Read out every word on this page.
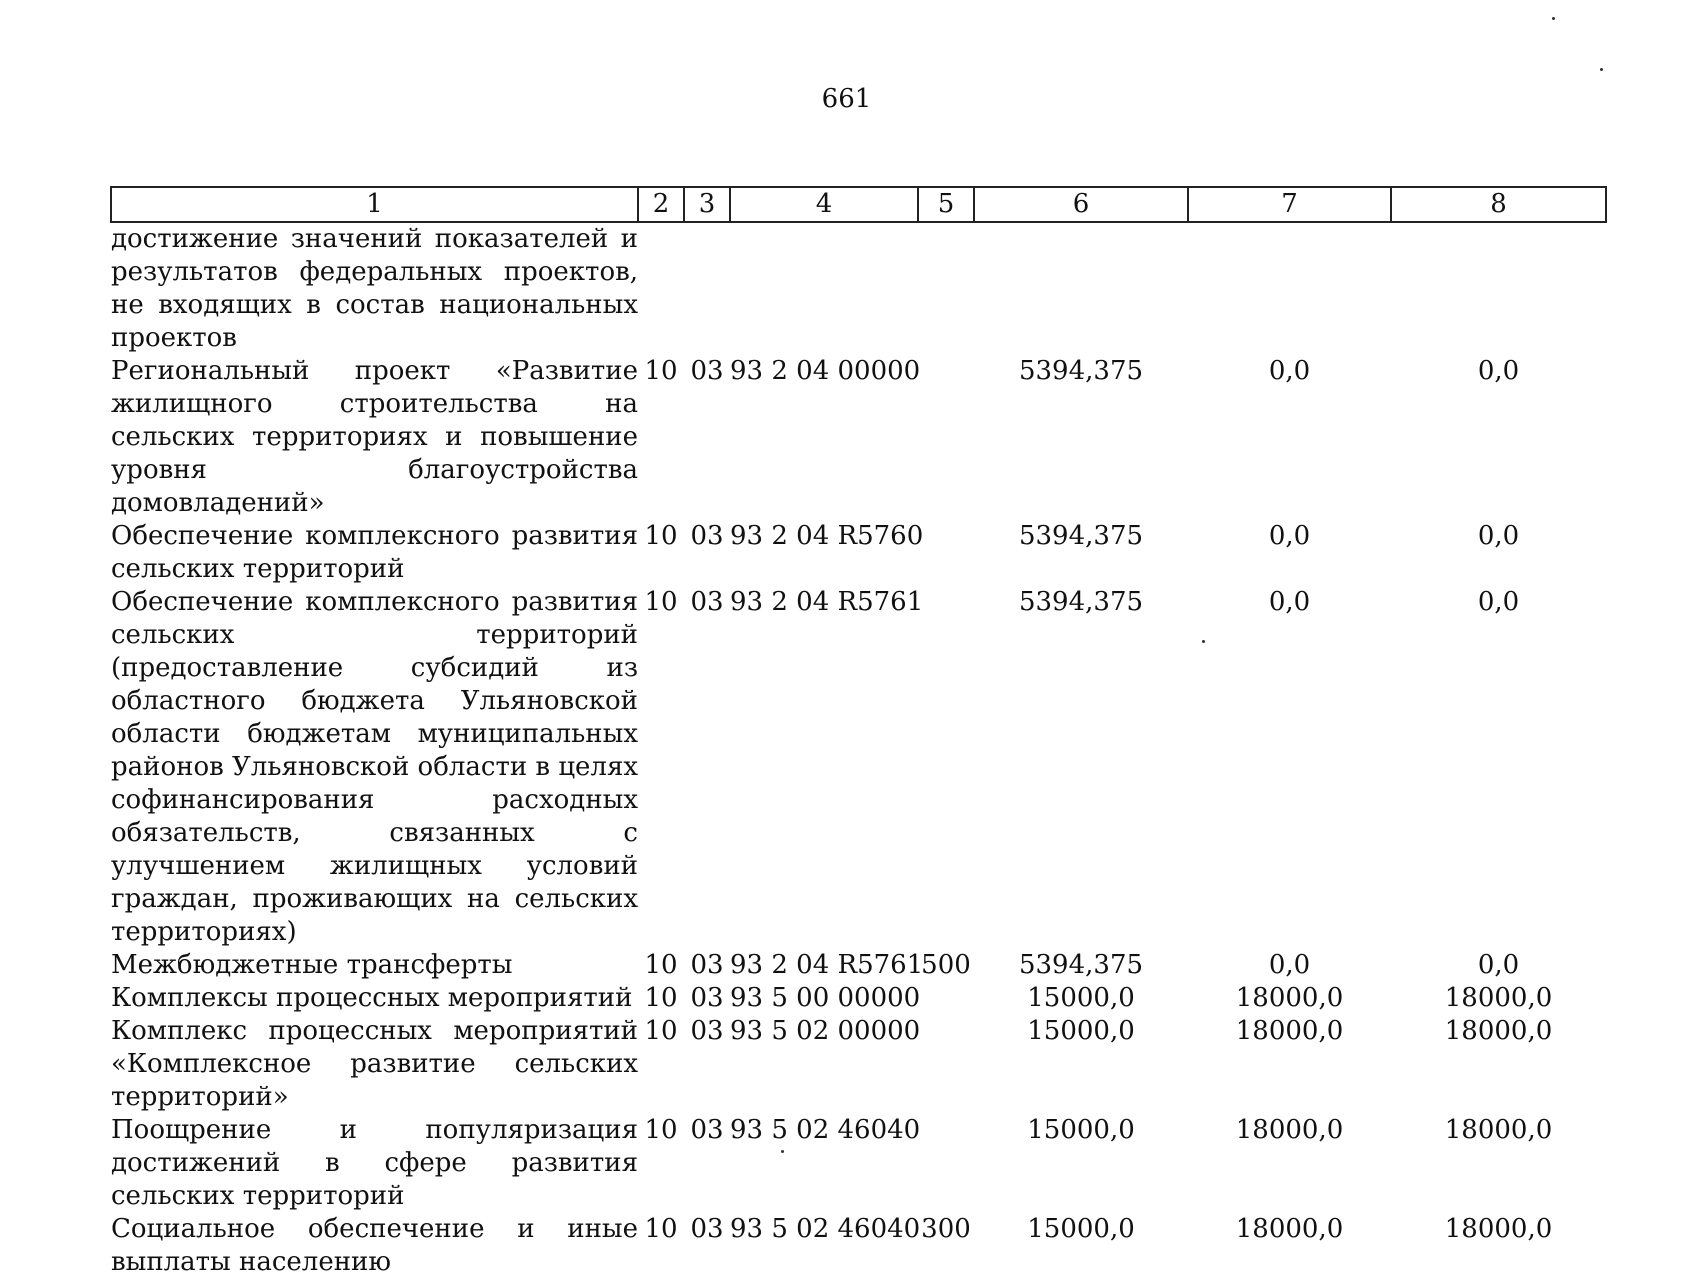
661
1	2	3	4	5	6	7	8
достижение значений показателей и результатов федеральных проектов, не входящих в состав национальных проектов							
Региональный проект «Развитие жилищного строительства на сельских территориях и повышение уровня благоустройства домовладений»	10	03	93 2 04 00000		5394,375	0,0	0,0
Обеспечение комплексного развития сельских территорий	10	03	93 2 04 R5760		5394,375	0,0	0,0
Обеспечение комплексного развития сельских территорий (предоставление субсидий из областного бюджета Ульяновской области бюджетам муниципальных районов Ульяновской области в целях софинансирования расходных обязательств, связанных с улучшением жилищных условий граждан, проживающих на сельских территориях)	10	03	93 2 04 R5761		5394,375	0,0	0,0
Межбюджетные трансферты	10	03	93 2 04 R5761	500	5394,375	0,0	0,0
Комплексы процессных мероприятий	10	03	93 5 00 00000		15000,0	18000,0	18000,0
Комплекс процессных мероприятий «Комплексное развитие сельских территорий»	10	03	93 5 02 00000		15000,0	18000,0	18000,0
Поощрение и популяризация достижений в сфере развития сельских территорий	10	03	93 5 02 46040		15000,0	18000,0	18000,0
Социальное обеспечение и иные выплаты населению	10	03	93 5 02 46040	300	15000,0	18000,0	18000,0
